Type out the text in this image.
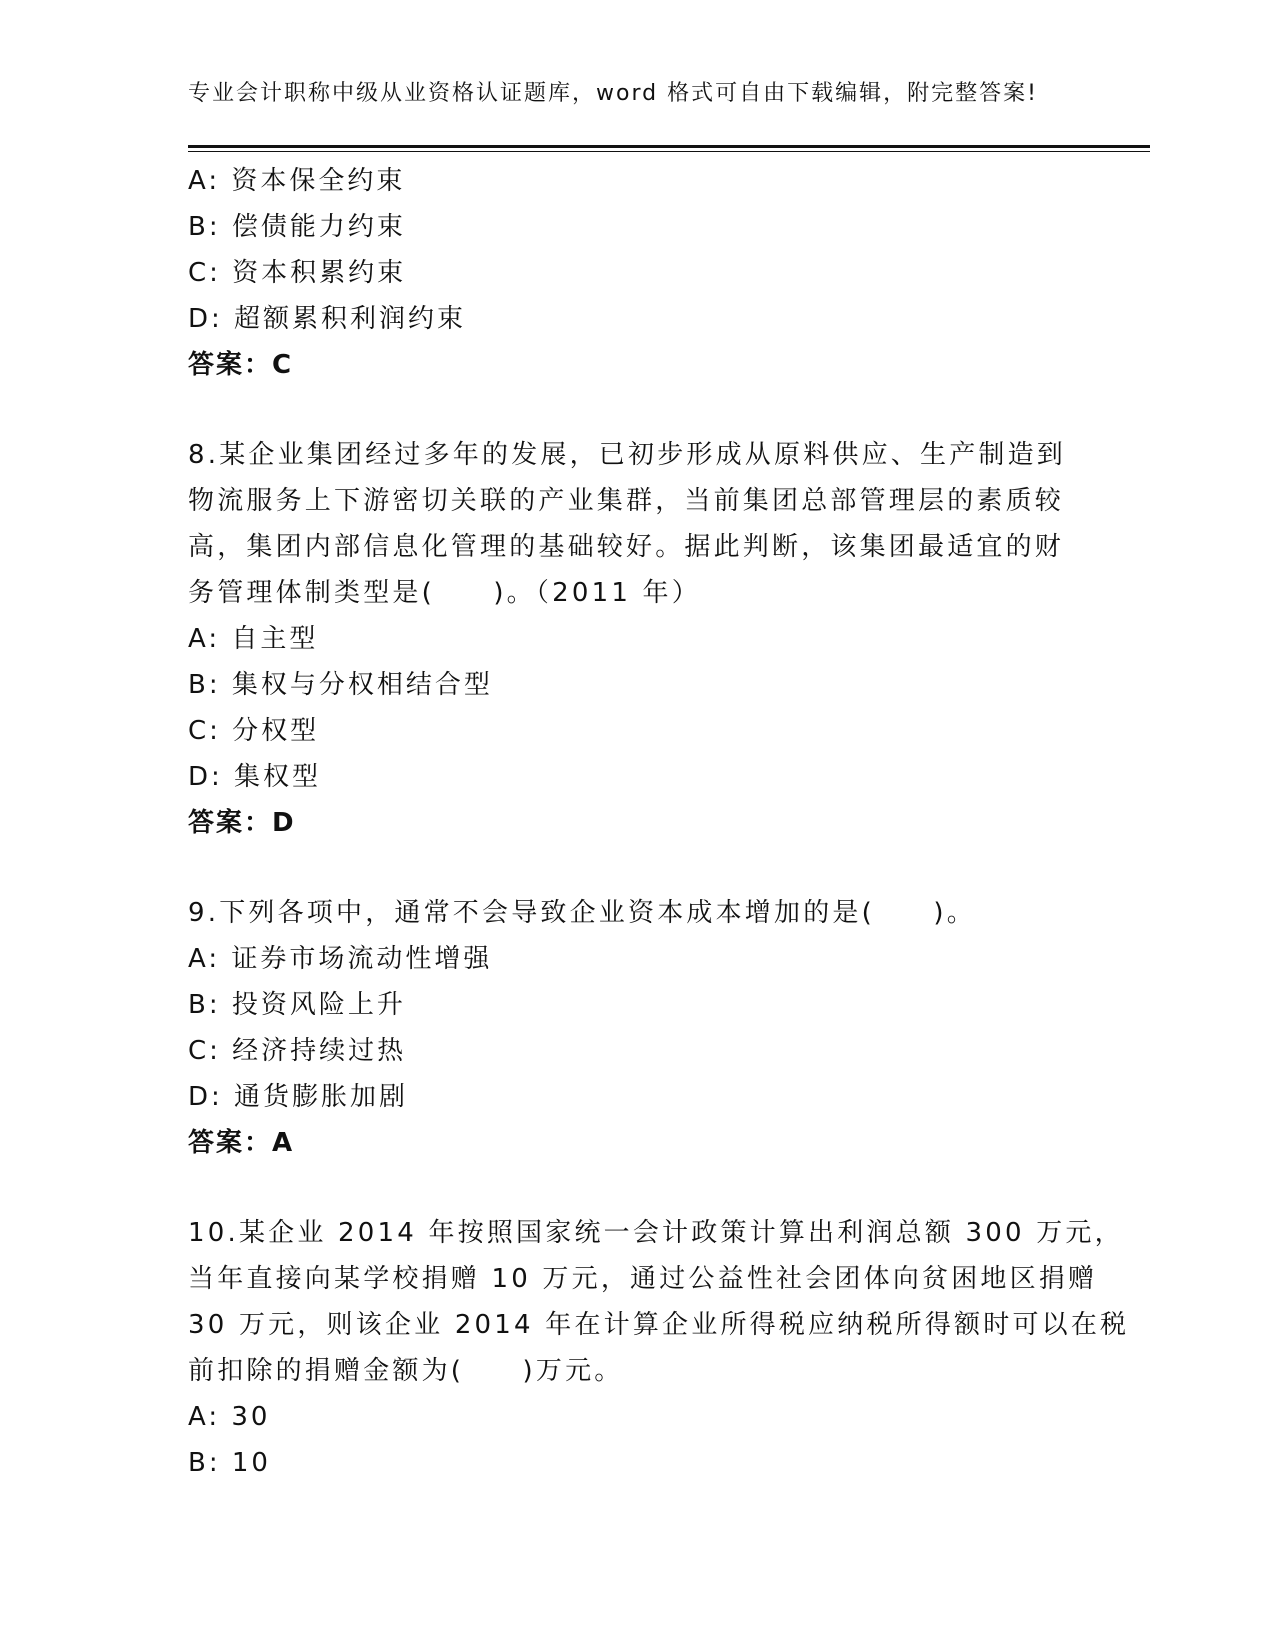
专业会计职称中级从业资格认证题库，word 格式可自由下载编辑，附完整答案!
A: 资本保全约束
B: 偿债能力约束
C: 资本积累约束
D: 超额累积利润约束
答案：C
8.某企业集团经过多年的发展，已初步形成从原料供应、生产制造到
物流服务上下游密切关联的产业集群，当前集团总部管理层的素质较
高，集团内部信息化管理的基础较好。据此判断，该集团最适宜的财
务管理体制类型是(　　)。（2011 年）
A: 自主型
B: 集权与分权相结合型
C: 分权型
D: 集权型
答案：D
9.下列各项中，通常不会导致企业资本成本增加的是(　　)。
A: 证券市场流动性增强
B: 投资风险上升
C: 经济持续过热
D: 通货膨胀加剧
答案：A
10.某企业 2014 年按照国家统一会计政策计算出利润总额 300 万元，
当年直接向某学校捐赠 10 万元，通过公益性社会团体向贫困地区捐赠
30 万元，则该企业 2014 年在计算企业所得税应纳税所得额时可以在税
前扣除的捐赠金额为(　　)万元。
A: 30
B: 10
